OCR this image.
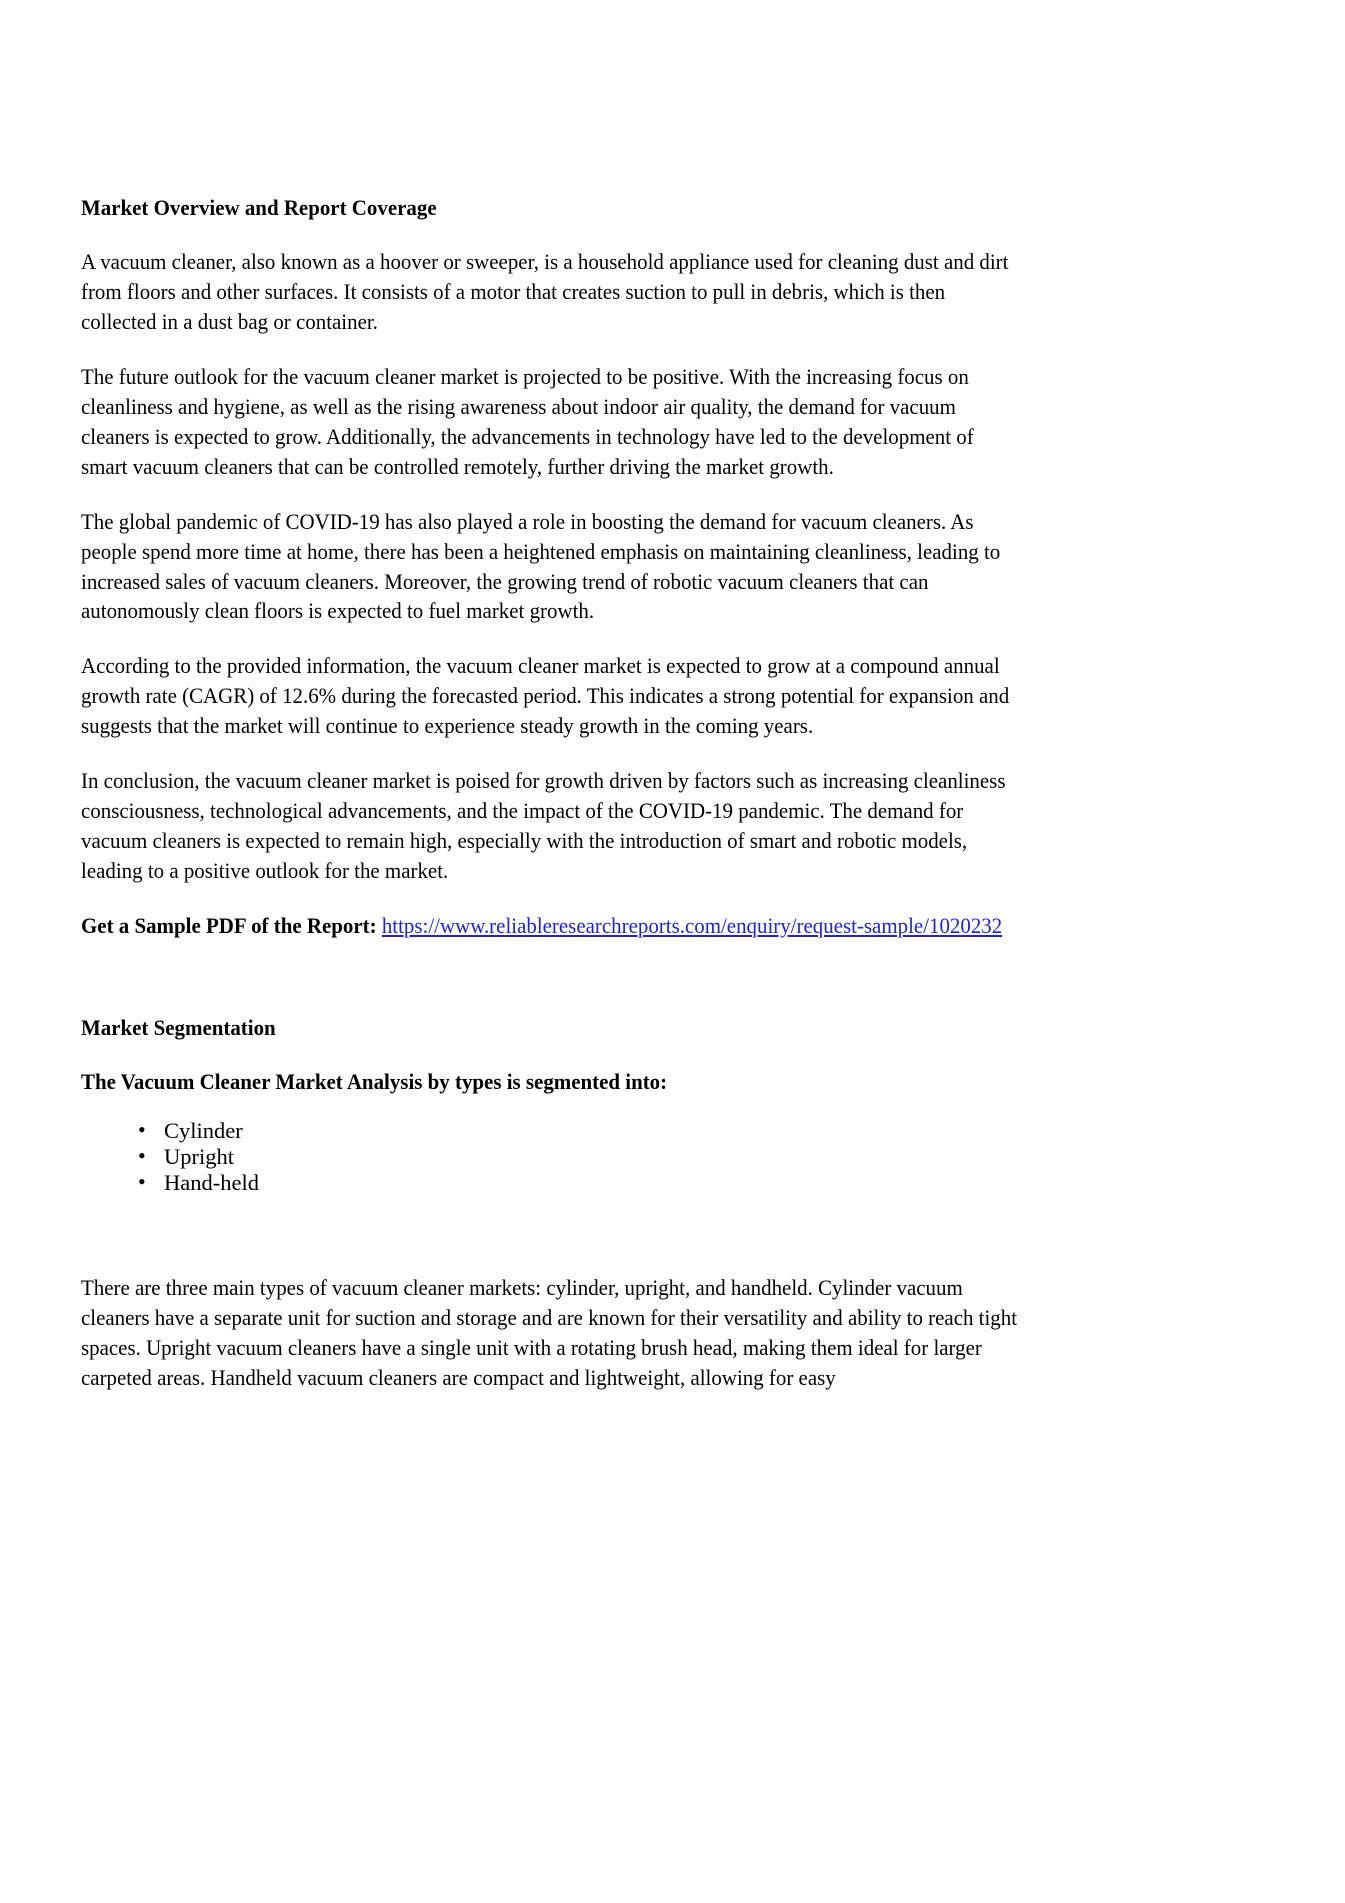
Market Overview and Report Coverage

A vacuum cleaner, also known as a hoover or sweeper, is a household appliance used for cleaning dust and dirt from floors and other surfaces. It consists of a motor that creates suction to pull in debris, which is then collected in a dust bag or container.

The future outlook for the vacuum cleaner market is projected to be positive. With the increasing focus on cleanliness and hygiene, as well as the rising awareness about indoor air quality, the demand for vacuum cleaners is expected to grow. Additionally, the advancements in technology have led to the development of smart vacuum cleaners that can be controlled remotely, further driving the market growth.

The global pandemic of COVID-19 has also played a role in boosting the demand for vacuum cleaners. As people spend more time at home, there has been a heightened emphasis on maintaining cleanliness, leading to increased sales of vacuum cleaners. Moreover, the growing trend of robotic vacuum cleaners that can autonomously clean floors is expected to fuel market growth.

According to the provided information, the vacuum cleaner market is expected to grow at a compound annual growth rate (CAGR) of 12.6% during the forecasted period. This indicates a strong potential for expansion and suggests that the market will continue to experience steady growth in the coming years.

In conclusion, the vacuum cleaner market is poised for growth driven by factors such as increasing cleanliness consciousness, technological advancements, and the impact of the COVID-19 pandemic. The demand for vacuum cleaners is expected to remain high, especially with the introduction of smart and robotic models, leading to a positive outlook for the market.

Get a Sample PDF of the Report: https://www.reliableresearchreports.com/enquiry/request-sample/1020232

Market Segmentation
The Vacuum Cleaner Market Analysis by types is segmented into:
• Cylinder
• Upright
• Hand-held

There are three main types of vacuum cleaner markets: cylinder, upright, and handheld. Cylinder vacuum cleaners have a separate unit for suction and storage and are known for their versatility and ability to reach tight spaces. Upright vacuum cleaners have a single unit with a rotating brush head, making them ideal for larger carpeted areas. Handheld vacuum cleaners are compact and lightweight, allowing for easy
